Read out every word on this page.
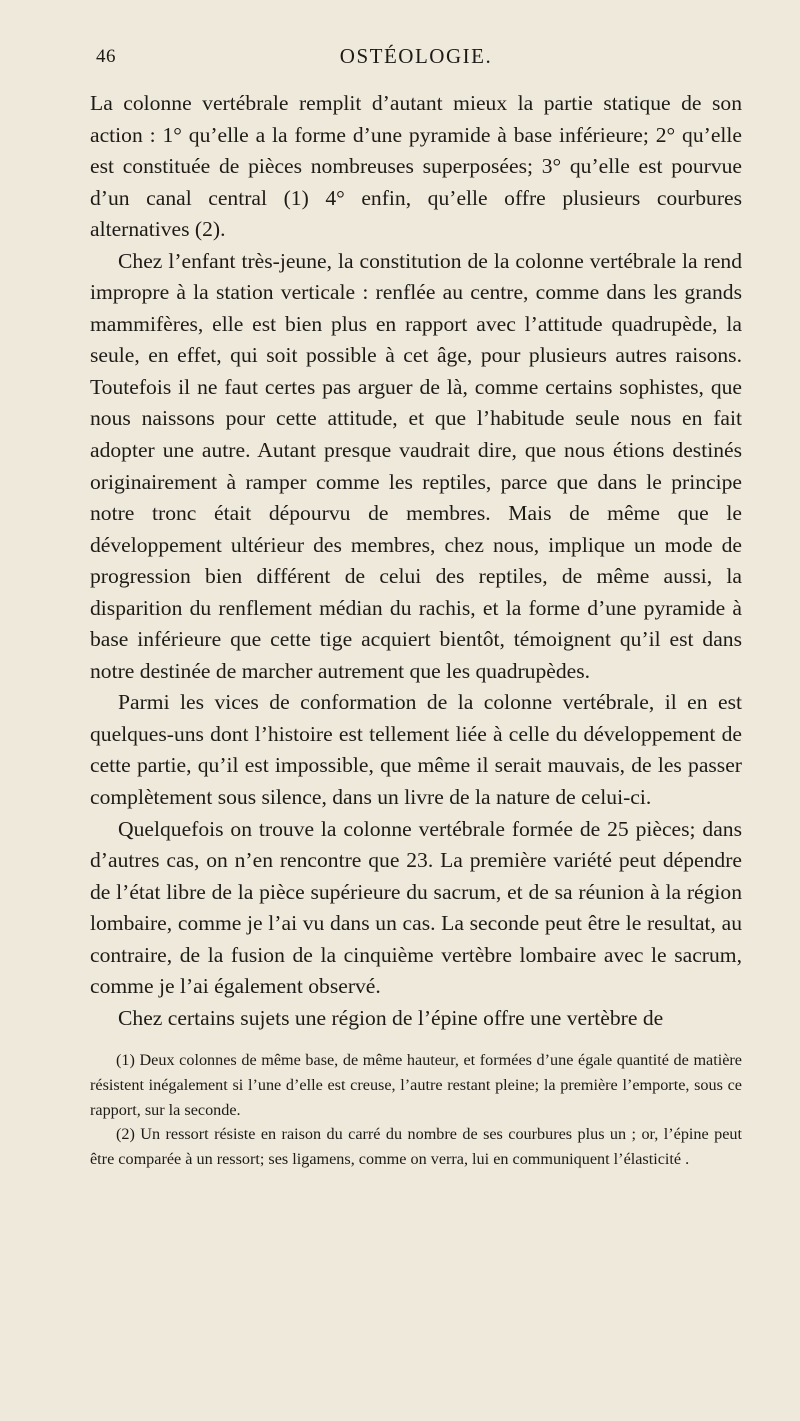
46	OSTÉOLOGIE.

La colonne vertébrale remplit d’autant mieux la partie statique de son action : 1° qu’elle a la forme d’une pyramide à base inférieure; 2° qu’elle est constituée de pièces nombreuses superposées; 3° qu’elle est pourvue d’un canal central (1) 4° enfin, qu’elle offre plusieurs courbures alternatives (2).

Chez l’enfant très-jeune, la constitution de la colonne vertébrale la rend impropre à la station verticale : renflée au centre, comme dans les grands mammifères, elle est bien plus en rapport avec l’attitude quadrupède, la seule, en effet, qui soit possible à cet âge, pour plusieurs autres raisons. Toutefois il ne faut certes pas arguer de là, comme certains sophistes, que nous naissons pour cette attitude, et que l’habitude seule nous en fait adopter une autre. Autant presque vaudrait dire, que nous étions destinés originairement à ramper comme les reptiles, parce que dans le principe notre tronc était dépourvu de membres. Mais de même que le développement ultérieur des membres, chez nous, implique un mode de progression bien différent de celui des reptiles, de même aussi, la disparition du renflement médian du rachis, et la forme d’une pyramide à base inférieure que cette tige acquiert bientôt, témoignent qu’il est dans notre destinée de marcher autrement que les quadrupèdes.

Parmi les vices de conformation de la colonne vertébrale, il en est quelques-uns dont l’histoire est tellement liée à celle du développement de cette partie, qu’il est impossible, que même il serait mauvais, de les passer complètement sous silence, dans un livre de la nature de celui-ci.

Quelquefois on trouve la colonne vertébrale formée de 25 pièces; dans d’autres cas, on n’en rencontre que 23. La première variété peut dépendre de l’état libre de la pièce supérieure du sacrum, et de sa réunion à la région lombaire, comme je l’ai vu dans un cas. La seconde peut être le resultat, au contraire, de la fusion de la cinquième vertèbre lombaire avec le sacrum, comme je l’ai également observé.

Chez certains sujets une région de l’épine offre une vertèbre de

(1) Deux colonnes de même base, de même hauteur, et formées d’une égale quantité de matière résistent inégalement si l’une d’elle est creuse, l’autre restant pleine; la première l’emporte, sous ce rapport, sur la seconde.

(2) Un ressort résiste en raison du carré du nombre de ses courbures plus un ; or, l’épine peut être comparée à un ressort; ses ligamens, comme on verra, lui en communiquent l’élasticité .
